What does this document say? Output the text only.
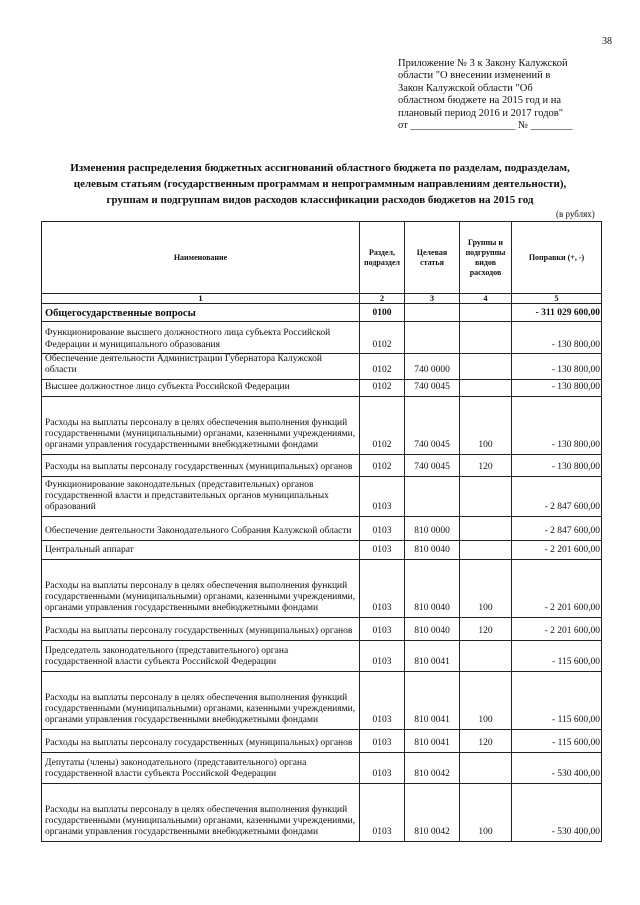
38
Приложение № 3 к Закону Калужской
области "О внесении изменений в
Закон Калужской области "Об
областном бюджете на 2015 год и на
плановый период 2016 и 2017 годов"
от ____________________ № ________
Изменения распределения бюджетных ассигнований областного бюджета по разделам, подразделам,
целевым статьям (государственным программам и непрограммным направлениям деятельности),
группам и подгруппам видов расходов классификации расходов бюджетов на 2015 год
(в рублях)
Наименование	Раздел, подраздел	Целевая статья	Группы и подгруппы видов расходов	Поправки (+, -)
1	2	3	4	5
Общегосударственные вопросы	0100			- 311 029 600,00
Функционирование высшего должностного лица субъекта Российской Федерации и муниципального образования	0102			- 130 800,00
Обеспечение деятельности Администрации Губернатора Калужской области	0102	740 0000		- 130 800,00
Высшее должностное лицо субъекта Российской Федерации	0102	740 0045		- 130 800,00
Расходы на выплаты персоналу в целях обеспечения выполнения функций государственными (муниципальными) органами, казенными учреждениями, органами управления государственными внебюджетными фондами	0102	740 0045	100	- 130 800,00
Расходы на выплаты персоналу государственных (муниципальных) органов	0102	740 0045	120	- 130 800,00
Функционирование законодательных (представительных) органов государственной власти и представительных органов муниципальных образований	0103			- 2 847 600,00
Обеспечение деятельности Законодательного Собрания Калужской области	0103	810 0000		- 2 847 600,00
Центральный аппарат	0103	810 0040		- 2 201 600,00
Расходы на выплаты персоналу в целях обеспечения выполнения функций государственными (муниципальными) органами, казенными учреждениями, органами управления государственными внебюджетными фондами	0103	810 0040	100	- 2 201 600,00
Расходы на выплаты персоналу государственных (муниципальных) органов	0103	810 0040	120	- 2 201 600,00
Председатель законодательного (представительного) органа государственной власти субъекта Российской Федерации	0103	810 0041		- 115 600,00
Расходы на выплаты персоналу в целях обеспечения выполнения функций государственными (муниципальными) органами, казенными учреждениями, органами управления государственными внебюджетными фондами	0103	810 0041	100	- 115 600,00
Расходы на выплаты персоналу государственных (муниципальных) органов	0103	810 0041	120	- 115 600,00
Депутаты (члены) законодательного (представительного) органа государственной власти субъекта Российской Федерации	0103	810 0042		- 530 400,00
Расходы на выплаты персоналу в целях обеспечения выполнения функций государственными (муниципальными) органами, казенными учреждениями, органами управления государственными внебюджетными фондами	0103	810 0042	100	- 530 400,00
